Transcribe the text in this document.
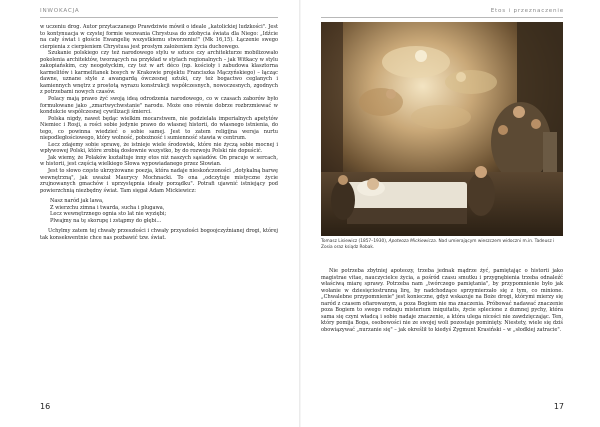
INWOKACJA

w uczeniu drog. Autor przytaczanego Prawdziwie mówił o ideale „katolickiej ludzkości". Jest to kontynuacja w czystej formie wezwania Chrystusa do zdobycia świata dla Niego: „Idźcie na cały świat i głoście Ewangelię wszystkiemu stworzeniu!" (Mk 16,15). Łączenie swego cierpienia z cierpieniem Chrystusa jest prostym założeniem życia duchowego.

Szukanie polskiego czy też narodowego stylu w sztuce czy architekturze mobilizowało pokolenia architektów, tworzących na przykład w stylach regionalnych – jak Witkacy w stylu zakopiańskim, czy neogotyckim, czy też w art déco (np. kościoły i zabudowa klasztorna karmelitów i karmelitanek bosych w Krakowie projektu Franciszka Mączyńskiego) – łącząc dawne, uznane style z awangardą ówczesnej sztuki, czy też bogactwo ceglanych i kamiennych wnętrz z prostotą wyrazu konstrukcji współczesnych, nowoczesnych, zgodnych z potrzebami nowych czasów.

Polacy mają prawo żyć swoją ideą odrodzenia narodowego, co w czasach zaborów było formułowane jako „zmartwychwstanie" narodu. Może ono równie dobrze rozbrzmiewać w kondukcie współczesnej cywilizacji śmierci.

Polska nigdy, nawet będąc wielkim mocarstwem, nie podzielała imperialnych apetytów Niemiec i Rosji, a rości sobie jedynie prawo do własnej historii, do własnego istnienia, do tego, co powinna wiedzieć o sobie samej. Jest to zatem religijna wersja nurtu niepodległościowego, który wolność, pobożność i sumienność stawia w centrum.

Lecz zdajemy sobie sprawę, że istnieje wiele środowisk, które nie życzą sobie mocnej i wpływowej Polski, które zrobią dosłownie wszystko, by do rozwoju Polski nie dopuścić.

Jak wiemy, że Polaków kształtuje inny etos niż naszych sąsiadów. On pracuje w sercach, w historii, jest częścią wielkiego Słowa wypowiadanego przez Słowian.

Jest to słowo często ukrzyżowane poezja, która nadaje nieskończoności „dotykalną barwę wewnętrzną", jak uważał Maurycy Mochnacki. To ona „odczytuje mistyczne życie zrujnowanych gmachów i uprzystępnia ideały porządku". Potrafi ujawnić istniejący pod powierzchnią niezbędny świat. Tam sięgał Adam Mickiewicz:

Nasz naród jak lawa,
Z wierzchu zimna i twarda, sucha i plugawa,
Lecz wewnętrznego ognia sto lat nie wyziębi;
Plwajmy na tę skorupę i zstąpmy do głębi…

Uchylmy zatem tej chwały przeszłości i chwały przyszłości bogoojczyźnianej drogi, której tak konsekwentnie chce nas pozbawić tzw. świat.

16
Etos i przeznaczenie
Tomasz Lisiewicz (1857–1930), Apoteoza Mickiewicza. Nad umierającym wieszczem widoczni m.in. Tadeusz i Zosia oraz ksiądz Robak.

Nie potrzeba zbytniej apoteozy, trzeba jednak mądrze żyć, pamiętając o historii jako magistrae vitae, nauczycielce życia, a pośród czasu smutku i przygnębienia trzeba odnaleźć właściwą miarę sprawy. Potrzeba nam „twórczego pamiętania", by przypomnienie było jak wołanie w dziesięciostrunną lirę, by nadchodzące sprzymierzało się z tym, co minione. „Chwalebne przypomnienie" jest konieczne, gdyż wskazuje na Boże drogi, którymi mierzy się naród z czasem ofiarowanym, a poza Bogiem nie ma znaczenia. Próbować nadawać znaczenie poza Bogiem to swego rodzaju misterium iniquitatis, życie splecione z dumnej pychy, która sama się czyni władcą i sobie nadaje znaczenie, a która ulega nicości nie zawdzięczając. Ten, który pomija Boga, osobowości nie ze swojej woli pozostaje pominięty. Niestety, wiele się dziś obowiązywać „nurzanie się" – jak określił to kiedyś Zygmunt Krasiński – w „słodkiej zatracie".

17
